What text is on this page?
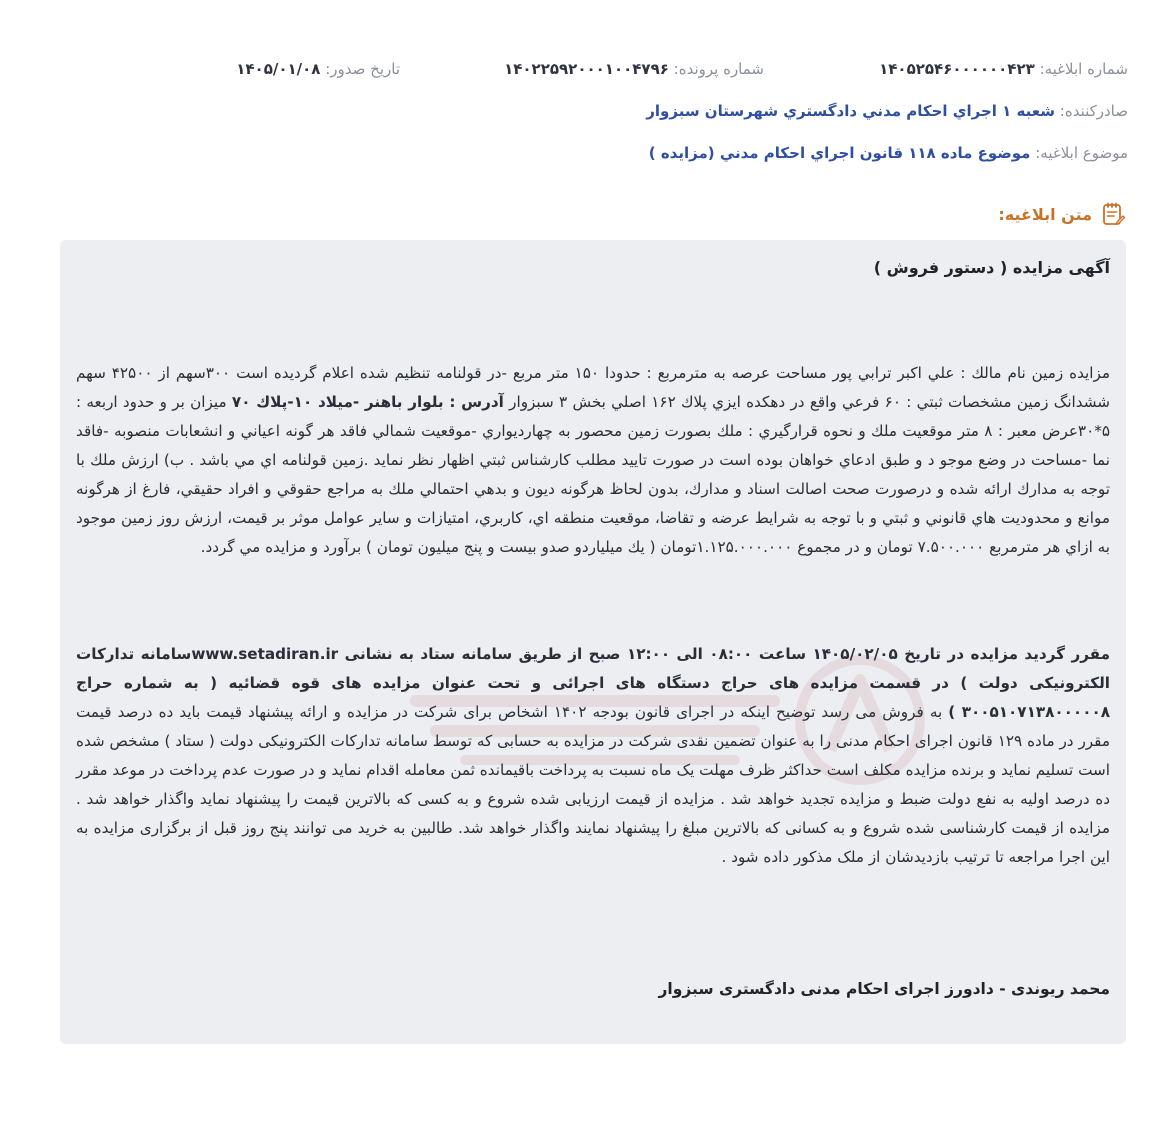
شماره ابلاغیه: ۱۴۰۵۲۵۴۶۰۰۰۰۰۰۴۲۳
شماره پرونده: ۱۴۰۲۲۵۹۲۰۰۰۱۰۰۴۷۹۶
تاریخ صدور: ۱۴۰۵/۰۱/۰۸
صادرکننده: شعبه ۱ اجراي احكام مدني دادگستري شهرستان سبزوار
موضوع ابلاغیه: موضوع ماده ۱۱۸ قانون اجراي احكام مدني (مزايده )
متن ابلاغیه:
آگهی مزایده ( دستور فروش )
مزایده زمین نام مالك : علي اكبر ترابي پور مساحت عرصه به مترمربع : حدودا ۱۵۰ متر مربع -در قولنامه تنظيم شده اعلام گرديده است ۳۰۰سهم از ۴۲۵۰۰ سهم ششدانگ زمين مشخصات ثبتي : ۶۰ فرعي واقع در دهكده ايزي پلاك ۱۶۲ اصلي بخش ۳ سبزوار آدرس : بلوار باهنر -ميلاد ۱۰-پلاك ۷۰ ميزان بر و حدود اربعه : ۵*۳۰عرض معبر : ۸ متر موقعيت ملك و نحوه قرارگيري : ملك بصورت زمين محصور به چهارديواري -موقعيت شمالي فاقد هر گونه اعياني و انشعابات منصوبه -فاقد نما -مساحت در وضع موجو د و طبق ادعاي خواهان بوده است در صورت تاييد مطلب كارشناس ثبتي اظهار نظر نمايد .زمين قولنامه اي مي باشد . ب) ارزش ملك با توجه به مدارك ارائه شده و درصورت صحت اصالت اسناد و مدارك، بدون لحاظ هرگونه ديون و بدهي احتمالي ملك به مراجع حقوقي و افراد حقيقي، فارغ از هرگونه موانع و محدوديت هاي قانوني و ثبتي و با توجه به شرايط عرضه و تقاضا، موقعيت منطقه اي، كاربري، امتيازات و ساير عوامل موثر بر قيمت، ارزش روز زمين موجود به ازاي هر مترمربع ۷.۵۰۰.۰۰۰ تومان و در مجموع ۱.۱۲۵.۰۰۰.۰۰۰تومان ( يك ميلياردو صدو بيست و پنج ميليون تومان ) برآورد و مزايده مي گردد.
مقرر گردید مزایده در تاریخ ۱۴۰۵/۰۲/۰۵ ساعت ۰۸:۰۰ الی ۱۲:۰۰ صبح از طریق سامانه ستاد به نشانی www.setadiran.irسامانه تدارکات الکترونیکی دولت ) در قسمت مزایده های حراج دستگاه های اجرائی و تحت عنوان مزایده های قوه قضائیه ( به شماره حراج ۳۰۰۵۱۰۷۱۳۸۰۰۰۰۰۸ ) به فروش می رسد توضیح اینکه در اجرای قانون بودجه ۱۴۰۲ اشخاص برای شرکت در مزایده و ارائه پیشنهاد قیمت باید ده درصد قیمت مقرر در ماده ۱۲۹ قانون اجرای احکام مدنی را به عنوان تضمین نقدی شرکت در مزایده به حسابی که توسط سامانه تدارکات الکترونیکی دولت ( ستاد ) مشخص شده است تسلیم نماید و برنده مزایده مکلف است حداکثر ظرف مهلت یک ماه نسبت به پرداخت باقیمانده ثمن معامله اقدام نماید و در صورت عدم پرداخت در موعد مقرر ده درصد اولیه به نفع دولت ضبط و مزایده تجدید خواهد شد . مزایده از قیمت ارزیابی شده شروع و به کسی که بالاترین قیمت را پیشنهاد نماید واگذار خواهد شد . مزایده از قیمت کارشناسی شده شروع و به کسانی که بالاترین مبلغ را پیشنهاد نمایند واگذار خواهد شد. طالبین به خرید می توانند پنج روز قبل از برگزاری مزایده به این اجرا مراجعه تا ترتیب بازدیدشان از ملک مذکور داده شود .
محمد ریوندی - دادورز اجرای احکام مدنی دادگستری سبزوار
